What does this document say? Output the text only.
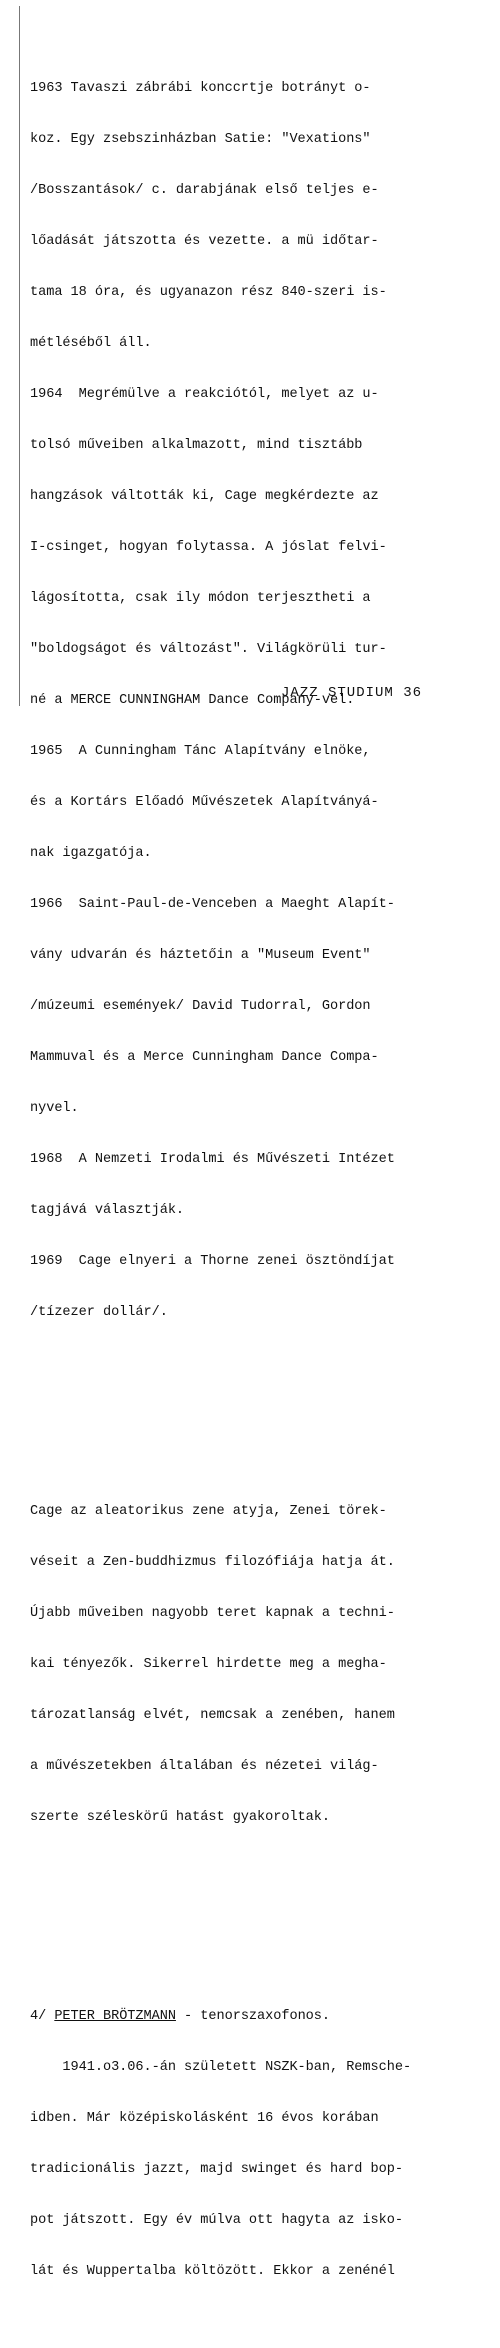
1963 Tavaszi zábrábi konccrtje botrányt o-

koz. Egy zsebszinházban Satie: "Vexations"

/Bosszantások/ c. darabjának első teljes e-

lőadását játszotta és vezette. a mü időtar-

tama 18 óra, és ugyanazon rész 840-szeri is-

métléséből áll.

1964  Megrémülve a reakciótól, melyet az u-

tolsó műveiben alkalmazott, mind tisztább

hangzások váltották ki, Cage megkérdezte az

I-csinget, hogyan folytassa. A jóslat felvi-

lágosította, csak ily módon terjesztheti a

"boldogságot és változást". Világkörüli tur-

né a MERCE CUNNINGHAM Dance Company-vel.

1965  A Cunningham Tánc Alapítvány elnöke,

és a Kortárs Előadó Művészetek Alapítványá-

nak igazgatója.

1966  Saint-Paul-de-Venceben a Maeght Alapít-

vány udvarán és háztetőin a "Museum Event"

/múzeumi események/ David Tudorral, Gordon

Mammuval és a Merce Cunningham Dance Compa-

nyvel.

1968  A Nemzeti Irodalmi és Művészeti Intézet

tagjává választják.

1969  Cage elnyeri a Thorne zenei ösztöndíjat

/tízezer dollár/.

Cage az aleatorikus zene atyja, Zenei törek-

véseit a Zen-buddhizmus filozófiája hatja át.

Újabb műveiben nagyobb teret kapnak a techni-

kai tényezők. Sikerrel hirdette meg a megha-

tározatlanság elvét, nemcsak a zenében, hanem

a művészetekben általában és nézetei világ-

szerte széleskörű hatást gyakoroltak.

4/ PETER BRÖTZMANN - tenorszaxofonos.

1941.o3.06.-án született NSZK-ban, Remsche-

idben. Már középiskolásként 16 évos korában

tradicionális jazzt, majd swinget és hard bop-

pot játszott. Egy év múlva ott hagyta az isko-

lát és Wuppertalba költözött. Ekkor a zenénél

JAZZ STUDIUM 36
